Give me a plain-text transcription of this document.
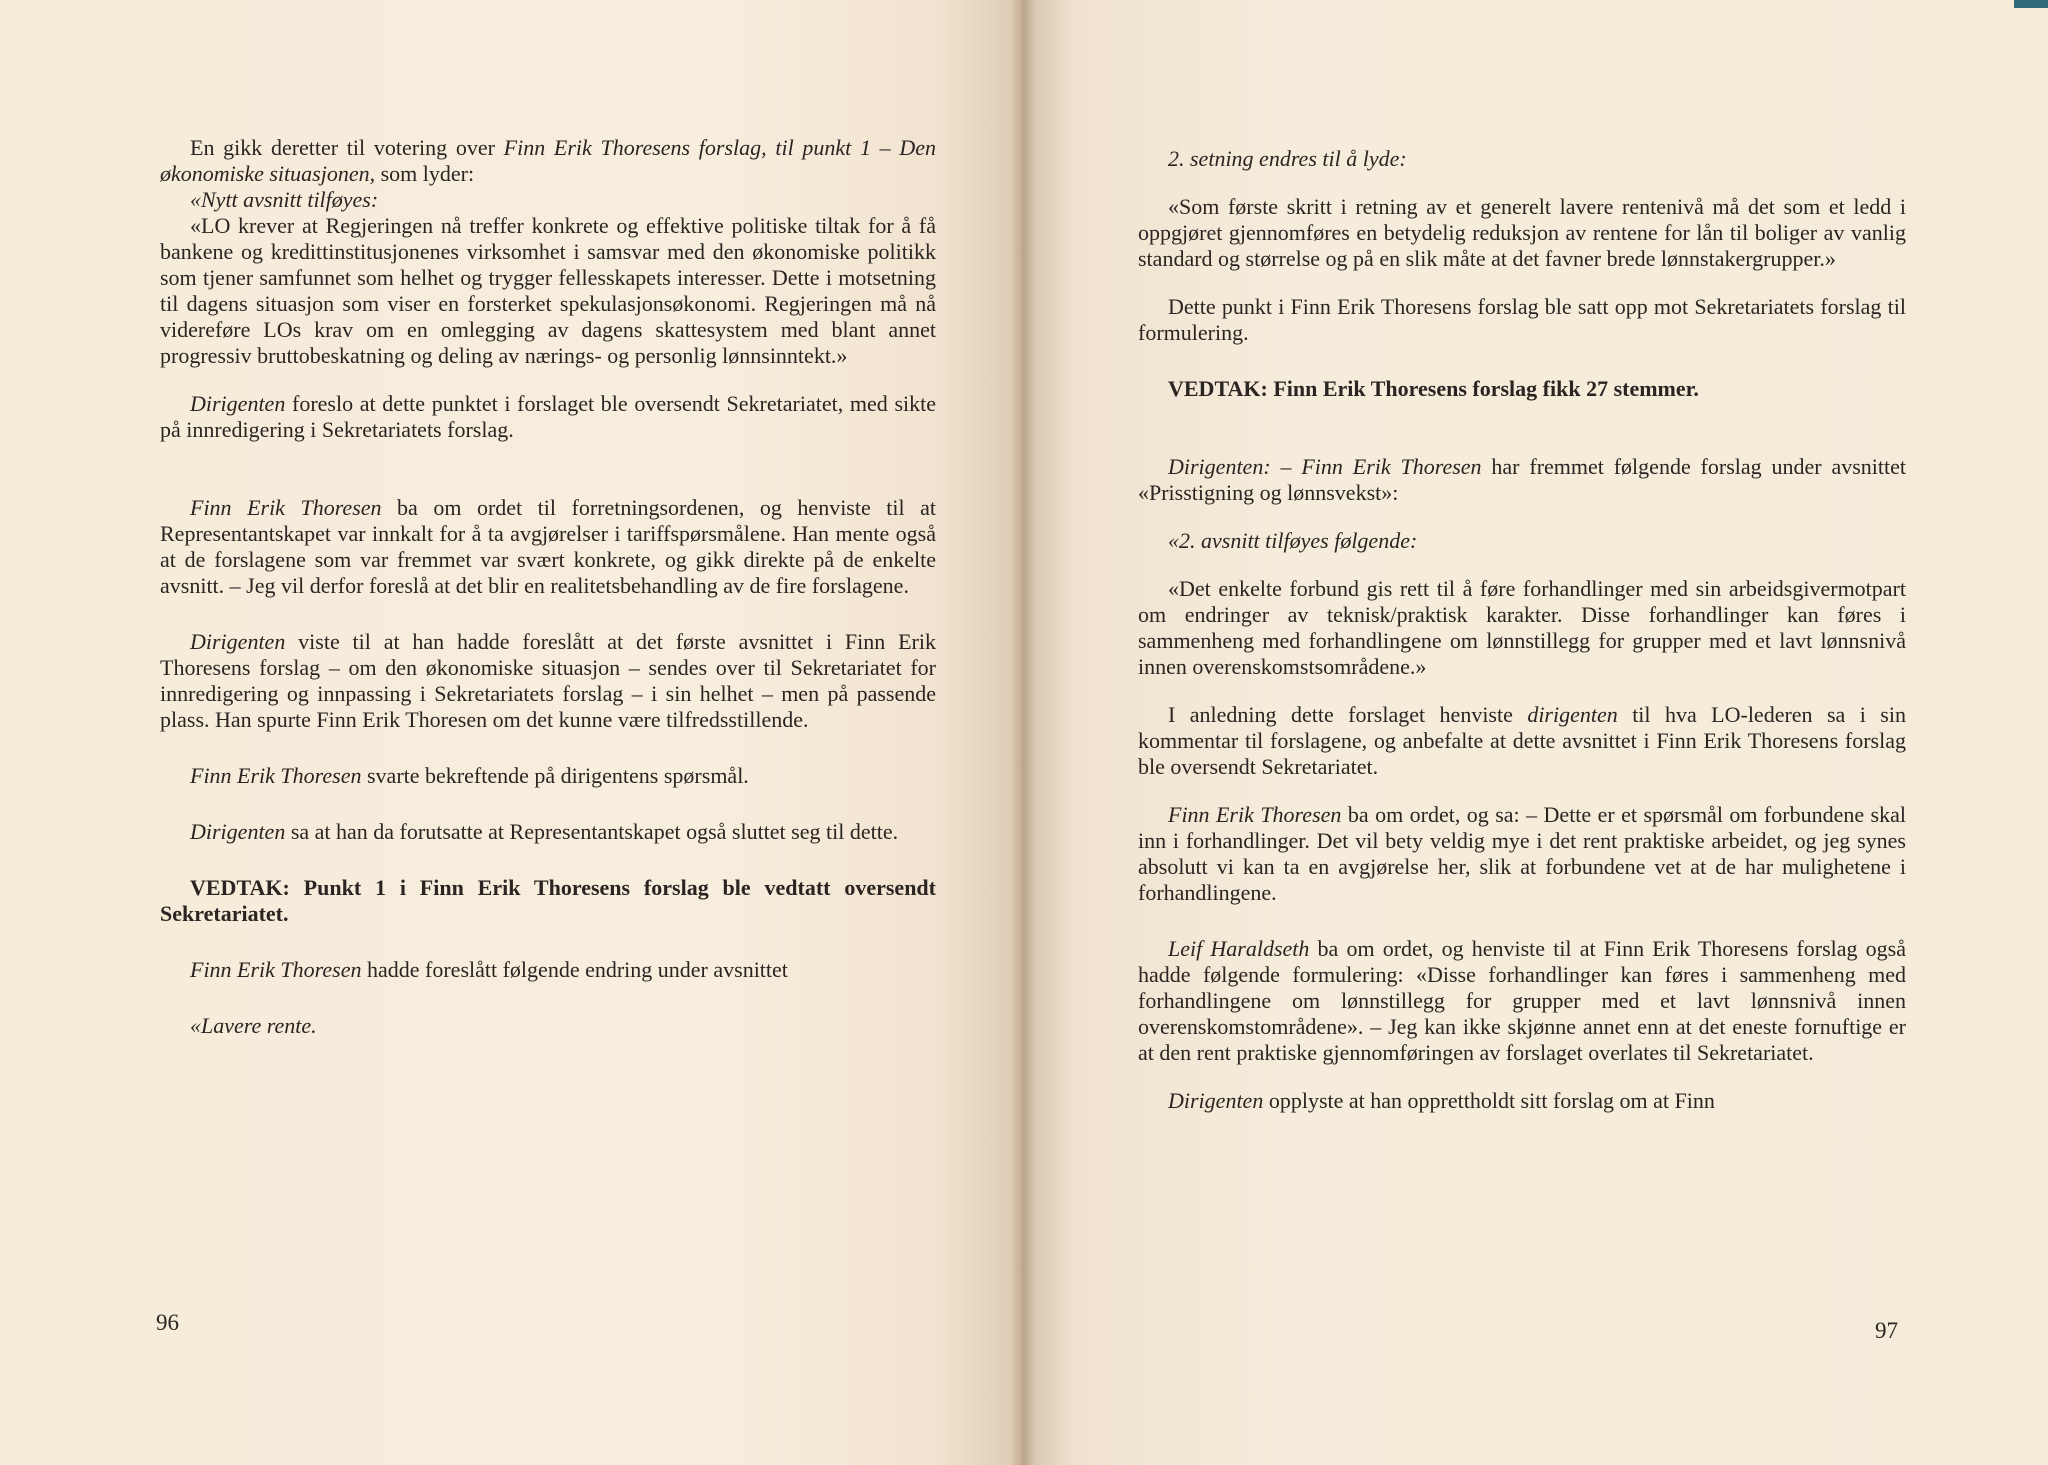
En gikk deretter til votering over Finn Erik Thoresens forslag, til punkt 1 – Den økonomiske situasjonen, som lyder:

«Nytt avsnitt tilføyes:

«LO krever at Regjeringen nå treffer konkrete og effektive politiske tiltak for å få bankene og kredittinstitusjonenes virksomhet i samsvar med den økonomiske politikk som tjener samfunnet som helhet og trygger fellesskapets interesser. Dette i motsetning til dagens situasjon som viser en forsterket spekulasjonsøkonomi. Regjeringen må nå videreføre LOs krav om en omlegging av dagens skattesystem med blant annet progressiv bruttobeskatning og deling av nærings- og personlig lønnsinntekt.»

Dirigenten foreslo at dette punktet i forslaget ble oversendt Sekretariatet, med sikte på innredigering i Sekretariatets forslag.

Finn Erik Thoresen ba om ordet til forretningsordenen, og henviste til at Representantskapet var innkalt for å ta avgjørelser i tariffspørsmålene. Han mente også at de forslagene som var fremmet var svært konkrete, og gikk direkte på de enkelte avsnitt. – Jeg vil derfor foreslå at det blir en realitetsbehandling av de fire forslagene.

Dirigenten viste til at han hadde foreslått at det første avsnittet i Finn Erik Thoresens forslag – om den økonomiske situasjon – sendes over til Sekretariatet for innredigering og innpassing i Sekretariatets forslag – i sin helhet – men på passende plass. Han spurte Finn Erik Thoresen om det kunne være tilfredsstillende.

Finn Erik Thoresen svarte bekreftende på dirigentens spørsmål.

Dirigenten sa at han da forutsatte at Representantskapet også sluttet seg til dette.

VEDTAK: Punkt 1 i Finn Erik Thoresens forslag ble vedtatt oversendt Sekretariatet.

Finn Erik Thoresen hadde foreslått følgende endring under avsnittet

«Lavere rente.

96

2. setning endres til å lyde:

«Som første skritt i retning av et generelt lavere rentenivå må det som et ledd i oppgjøret gjennomføres en betydelig reduksjon av rentene for lån til boliger av vanlig standard og størrelse og på en slik måte at det favner brede lønnstakergrupper.»

Dette punkt i Finn Erik Thoresens forslag ble satt opp mot Sekretariatets forslag til formulering.

VEDTAK: Finn Erik Thoresens forslag fikk 27 stemmer.

Dirigenten: – Finn Erik Thoresen har fremmet følgende forslag under avsnittet «Prisstigning og lønnsvekst»:

«2. avsnitt tilføyes følgende:

«Det enkelte forbund gis rett til å føre forhandlinger med sin arbeidsgivermotpart om endringer av teknisk/praktisk karakter. Disse forhandlinger kan føres i sammenheng med forhandlingene om lønnstillegg for grupper med et lavt lønnsnivå innen overenskomstsområdene.»

I anledning dette forslaget henviste dirigenten til hva LO-lederen sa i sin kommentar til forslagene, og anbefalte at dette avsnittet i Finn Erik Thoresens forslag ble oversendt Sekretariatet.

Finn Erik Thoresen ba om ordet, og sa: – Dette er et spørsmål om forbundene skal inn i forhandlinger. Det vil bety veldig mye i det rent praktiske arbeidet, og jeg synes absolutt vi kan ta en avgjørelse her, slik at forbundene vet at de har mulighetene i forhandlingene.

Leif Haraldseth ba om ordet, og henviste til at Finn Erik Thoresens forslag også hadde følgende formulering: «Disse forhandlinger kan føres i sammenheng med forhandlingene om lønnstillegg for grupper med et lavt lønnsnivå innen overenskomstområdene». – Jeg kan ikke skjønne annet enn at det eneste fornuftige er at den rent praktiske gjennomføringen av forslaget overlates til Sekretariatet.

Dirigenten opplyste at han opprettholdt sitt forslag om at Finn

97
